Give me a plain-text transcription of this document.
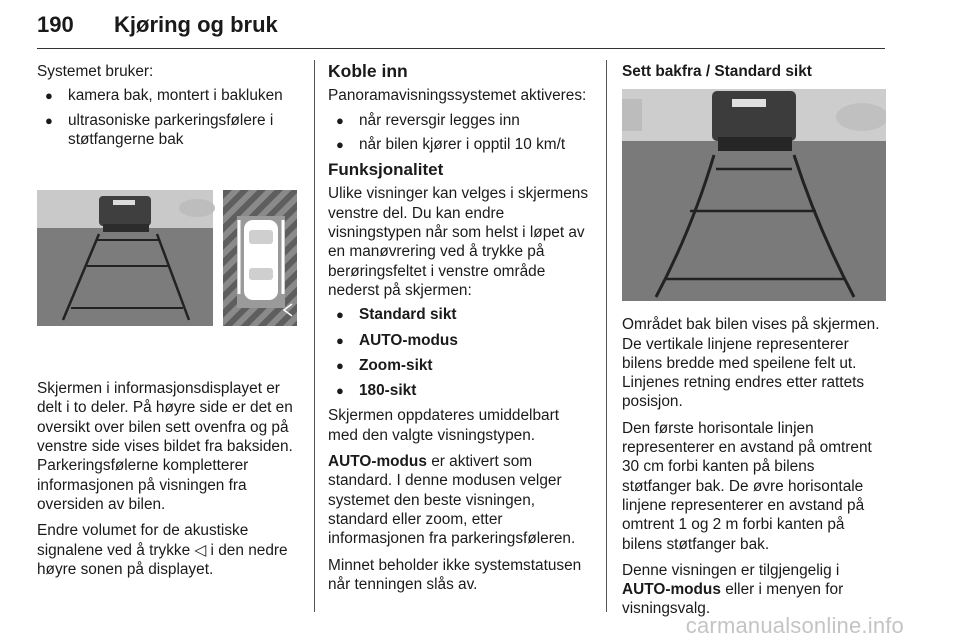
190 Kjøring og bruk

Systemet bruker:

● kamera bak, montert i bakluken
● ultrasoniske parkeringsfølere i støtfangerne bak

Skjermen i informasjonsdisplayet er delt i to deler. På høyre side er det en oversikt over bilen sett ovenfra og på venstre side vises bildet fra baksiden. Parkeringsfølerne kompletterer informasjonen på visningen fra oversiden av bilen.

Endre volumet for de akustiske signalene ved å trykke ◁ i den nedre høyre sonen på displayet.

Koble inn

Panoramavisningssystemet aktiveres:

● når reversgir legges inn
● når bilen kjører i opptil 10 km/t
Funksjonalitet

Ulike visninger kan velges i skjermens venstre del. Du kan endre visningstypen når som helst i løpet av en manøvrering ved å trykke på berøringsfeltet i venstre område nederst på skjermen:

● Standard sikt
● AUTO-modus
● Zoom-sikt
● 180-sikt

Skjermen oppdateres umiddelbart med den valgte visningstypen.

AUTO-modus er aktivert som standard. I denne modusen velger systemet den beste visningen, standard eller zoom, etter informasjonen fra parkeringsføleren.

Minnet beholder ikke systemstatusen når tenningen slås av.

Sett bakfra / Standard sikt

Området bak bilen vises på skjermen. De vertikale linjene representerer bilens bredde med speilene felt ut. Linjenes retning endres etter rattets posisjon.

Den første horisontale linjen representerer en avstand på omtrent 30 cm forbi kanten på bilens støtfanger bak. De øvre horisontale linjene representerer en avstand på omtrent 1 og 2 m forbi kanten på bilens støtfanger bak.

Denne visningen er tilgjengelig i AUTO-modus eller i menyen for visningsvalg.

carmanualsonline.info
